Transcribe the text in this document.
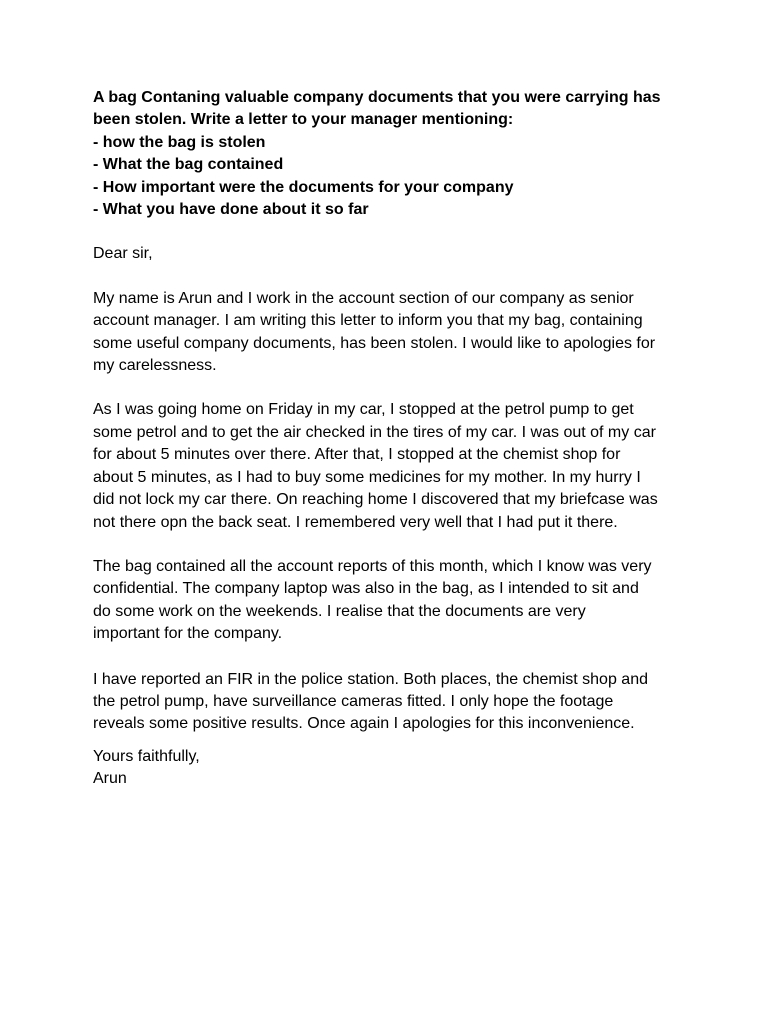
A bag Contaning valuable company documents that you were carrying has

been stolen. Write a letter to your manager mentioning:

- how the bag is stolen

- What the bag contained

- How important were the documents for your company

- What you have done about it so far

Dear sir,

My name is Arun and I work in the account section of our company as senior
account manager. I am writing this letter to inform you that my bag, containing
some useful company documents, has been stolen. I would like to apologies for
my carelessness.

As I was going home on Friday in my car, I stopped at the petrol pump to get
some petrol and to get the air checked in the tires of my car. I was out of my car
for about 5 minutes over there. After that, I stopped at the chemist shop for
about 5 minutes, as I had to buy some medicines for my mother. In my hurry I
did not lock my car there. On reaching home I discovered that my briefcase was
not there opn the back seat. I remembered very well that I had put it there.

The bag contained all the account reports of this month, which I know was very
confidential. The company laptop was also in the bag, as I intended to sit and
do some work on the weekends. I realise that the documents are very
important for the company.

I have reported an FIR in the police station. Both places, the chemist shop and
the petrol pump, have surveillance cameras fitted. I only hope the footage
reveals some positive results. Once again I apologies for this inconvenience.

Yours faithfully,

Arun
